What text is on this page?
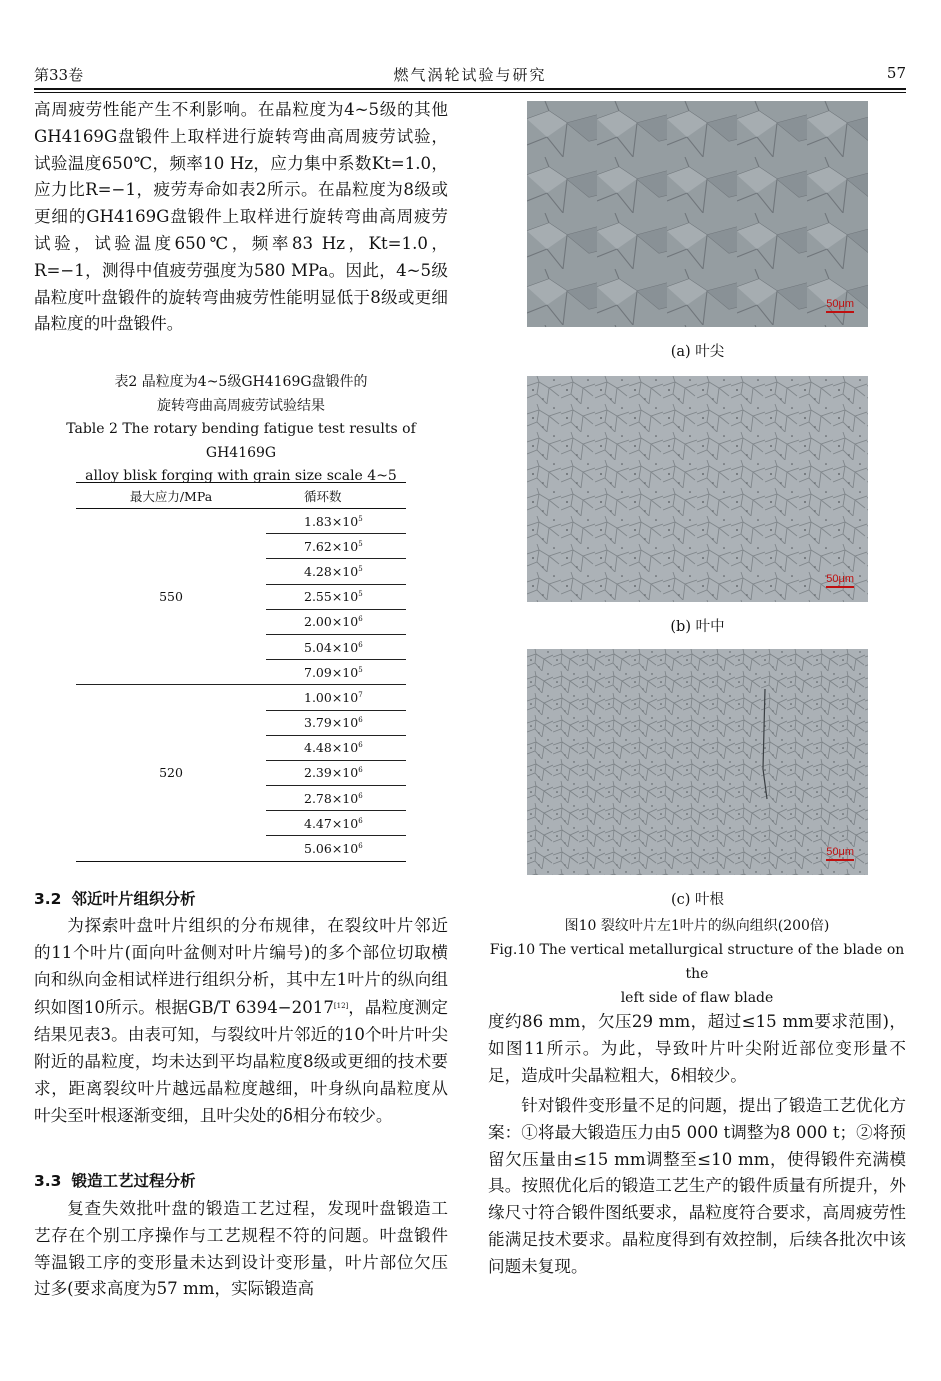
第33卷	燃气涡轮试验与研究	57
高周疲劳性能产生不利影响。在晶粒度为4~5级的其他GH4169G盘锻件上取样进行旋转弯曲高周疲劳试验，试验温度650℃，频率10 Hz，应力集中系数Kt=1.0，应力比R=−1，疲劳寿命如表2所示。在晶粒度为8级或更细的GH4169G盘锻件上取样进行旋转弯曲高周疲劳试验，试验温度650℃，频率83 Hz，Kt=1.0，R=−1，测得中值疲劳强度为580 MPa。因此，4~5级晶粒度叶盘锻件的旋转弯曲疲劳性能明显低于8级或更细晶粒度的叶盘锻件。
表2 晶粒度为4~5级GH4169G盘锻件的
旋转弯曲高周疲劳试验结果
Table 2 The rotary bending fatigue test results of GH4169G
alloy blisk forging with grain size scale 4~5
最大应力/MPa	循环数
550	$1.83\times 10^5$
	$7.62\times 10^5$
	$4.28\times 10^5$
	$2.55\times 10^5$
	$2.00\times 10^6$
	$5.04\times 10^6$
	$7.09\times 10^5$
520	$1.00\times 10^7$
	$3.79\times 10^6$
	$4.48\times 10^6$
	$2.39\times 10^6$
	$2.78\times 10^6$
	$4.47\times 10^6$
	$5.06\times 10^6$
3.2 邻近叶片组织分析
为探索叶盘叶片组织的分布规律，在裂纹叶片邻近的11个叶片(面向叶盆侧对叶片编号)的多个部位切取横向和纵向金相试样进行组织分析，其中左1叶片的纵向组织如图10所示。根据GB/T 6394−2017[12]，晶粒度测定结果见表3。由表可知，与裂纹叶片邻近的10个叶片叶尖附近的晶粒度，均未达到平均晶粒度8级或更细的技术要求，距离裂纹叶片越远晶粒度越细，叶身纵向晶粒度从叶尖至叶根逐渐变细，且叶尖处的δ相分布较少。
3.3 锻造工艺过程分析
复查失效批叶盘的锻造工艺过程，发现叶盘锻造工艺存在个别工序操作与工艺规程不符的问题。叶盘锻件等温锻工序的变形量未达到设计变形量，叶片部位欠压过多(要求高度为57 mm，实际锻造高
50μm
(a) 叶尖
50μm
(b) 叶中
50μm
(c) 叶根
图10 裂纹叶片左1叶片的纵向组织(200倍)
Fig.10 The vertical metallurgical structure of the blade on the
left side of flaw blade
度约86 mm，欠压29 mm，超过≤15 mm要求范围)，如图11所示。为此，导致叶片叶尖附近部位变形量不足，造成叶尖晶粒粗大，δ相较少。
针对锻件变形量不足的问题，提出了锻造工艺优化方案：①将最大锻造压力由5 000 t调整为8 000 t；②将预留欠压量由≤15 mm调整至≤10 mm，使得锻件充满模具。按照优化后的锻造工艺生产的锻件质量有所提升，外缘尺寸符合锻件图纸要求，晶粒度符合要求，高周疲劳性能满足技术要求。晶粒度得到有效控制，后续各批次中该问题未复现。
